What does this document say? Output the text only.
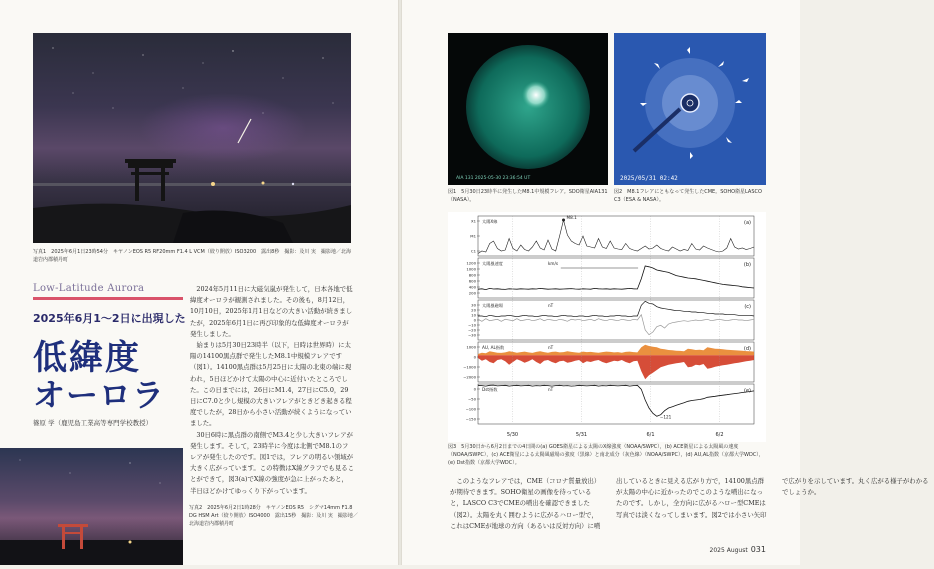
写真1　2025年6月1日23時54分　キヤノンEOS R5 RF20mm F1.4 L VCM（絞り開放）ISO3200　露出8秒　撮影：及川 実　撮影地／北海道岩内郡積丹町
Low-Latitude Aurora
2025年6月1～2日に出現した
低緯度
オーロラ
篠原 学（鹿児島工業高等専門学校教授）

2024年5月11日に大磁気嵐が発生して，日本各地で低緯度オーロラが観測されました。その後も，8月12日，10月10日，2025年1月1日などの大きい活動が続きましたが，2025年6月1日に再び印象的な低緯度オーロラが発生しました。

始まりは5月30日23時半（以下，日時は世界時）に太陽の14100黒点群で発生したM8.1中規模フレアです（図1）。14100黒点群は5月25日に太陽の北東の端に現われ，5日ほどかけて太陽の中心に近付いたところでした。この日までには，26日にM1.4，27日にC5.0，29日にC7.0と少し規模の大きいフレアがときどき起きる程度でしたが，28日から小さい活動が続くようになっていました。

30日6時に黒点群の南側でM3.4と少し大きいフレアが発生します。そして，23時半に今度は北側でM8.1のフレアが発生したのです。図1では，フレアの明るい領域が大きく広がっています。この特徴はX線グラフでも見ることができて，図3(a)でX線の強度が急に上がったあと，半日ほどかけてゆっくり下がっています。

写真2　2025年6月2日1時28分　キヤノンEOS R5　シグマ14mm F1.8 DG HSM Art（絞り開放）ISO4000　露出15秒　撮影：及川 実　撮影地／北海道岩内郡積丹町
AIA 131 2025-05-30 23:36:54 UT	2025/05/31 02:42
図1　5月30日23時半に発生したM8.1中規模フレア。SDO衛星AIA131（NASA）。
図2　M8.1フレアにともなって発生したCME。SOHO衛星LASCO C3（ESA & NASA）。
太陽X線	(a)
X1
M1
C1
M8.1
太陽風速度	km/s	(b)
1200
1000
800
600
400
200
太陽風磁場	nT	(c)
30
20
10
0
−10
−20
−30
AU, AL指数	nT	(d)
1000
0
−1000
−2000
Dst指数	nT	(e)
0
−50
−100
−150	−121
5/30	5/31	6/1	6/2
図3　5月30日から6月2日までの4日間の(a) GOES衛星による太陽のX線強度（NOAA/SWPC），(b) ACE衛星による太陽風の速度（NOAA/SWPC），(c) ACE衛星による太陽風磁場の強度（黒線）と南北成分（灰色線）（NOAA/SWPC），(d) AU,AL指数（京都大学WDC），(e) Dst指数（京都大学WDC）。

このようなフレアでは，CME（コロナ質量放出）が期待できます。SOHO衛星の画像を待っていると，LASCO C3でCMEの噴出を確認できました（図2）。太陽を丸く囲むように広がるハロー型で，これはCMEが地球の方向（あるいは反対方向）に噴出しているときに見える広がり方で，14100黒点群が太陽の中心に近かったのでこのような噴出になったのです。しかし，全方向に広がるハロー型CMEは写真では淡くなってしまいます。図2では小さい矢印で広がりを示しています。丸く広がる様子がわかるでしょうか。

2025 August 031
